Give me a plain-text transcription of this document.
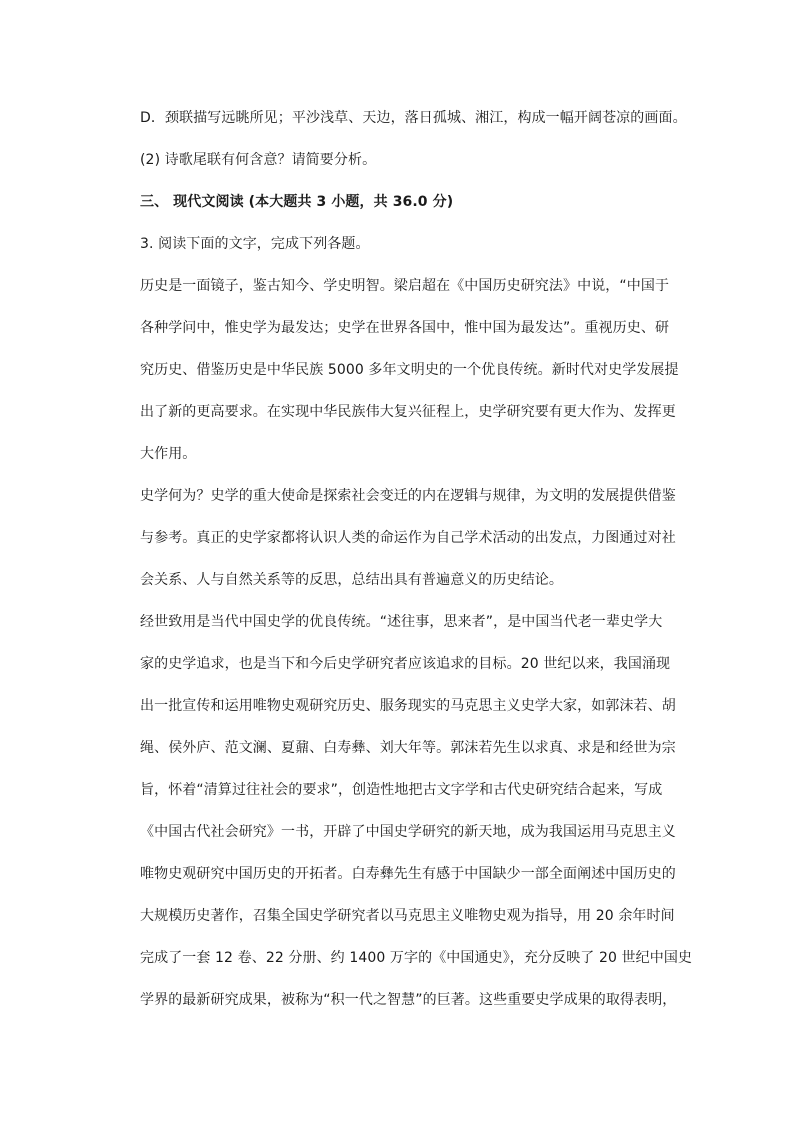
D．颈联描写远眺所见；平沙浅草、天边，落日孤城、湘江，构成一幅开阔苍凉的画面。
(2) 诗歌尾联有何含意？请简要分析。
三、 现代文阅读 (本大题共 3 小题，共 36.0 分)
3. 阅读下面的文字，完成下列各题。
历史是一面镜子，鉴古知今、学史明智。梁启超在《中国历史研究法》中说，“中国于
各种学问中，惟史学为最发达；史学在世界各国中，惟中国为最发达”。重视历史、研
究历史、借鉴历史是中华民族 5000 多年文明史的一个优良传统。新时代对史学发展提
出了新的更高要求。在实现中华民族伟大复兴征程上，史学研究要有更大作为、发挥更
大作用。
史学何为？史学的重大使命是探索社会变迁的内在逻辑与规律，为文明的发展提供借鉴
与参考。真正的史学家都将认识人类的命运作为自己学术活动的出发点，力图通过对社
会关系、人与自然关系等的反思，总结出具有普遍意义的历史结论。
经世致用是当代中国史学的优良传统。“述往事，思来者”，是中国当代老一辈史学大
家的史学追求，也是当下和今后史学研究者应该追求的目标。20 世纪以来，我国涌现
出一批宣传和运用唯物史观研究历史、服务现实的马克思主义史学大家，如郭沫若、胡
绳、侯外庐、范文澜、夏鼐、白寿彝、刘大年等。郭沫若先生以求真、求是和经世为宗
旨，怀着“清算过往社会的要求”，创造性地把古文字学和古代史研究结合起来，写成
《中国古代社会研究》一书，开辟了中国史学研究的新天地，成为我国运用马克思主义
唯物史观研究中国历史的开拓者。白寿彝先生有感于中国缺少一部全面阐述中国历史的
大规模历史著作，召集全国史学研究者以马克思主义唯物史观为指导，用 20 余年时间
完成了一套 12 卷、22 分册、约 1400 万字的《中国通史》，充分反映了 20 世纪中国史
学界的最新研究成果，被称为“积一代之智慧”的巨著。这些重要史学成果的取得表明，
